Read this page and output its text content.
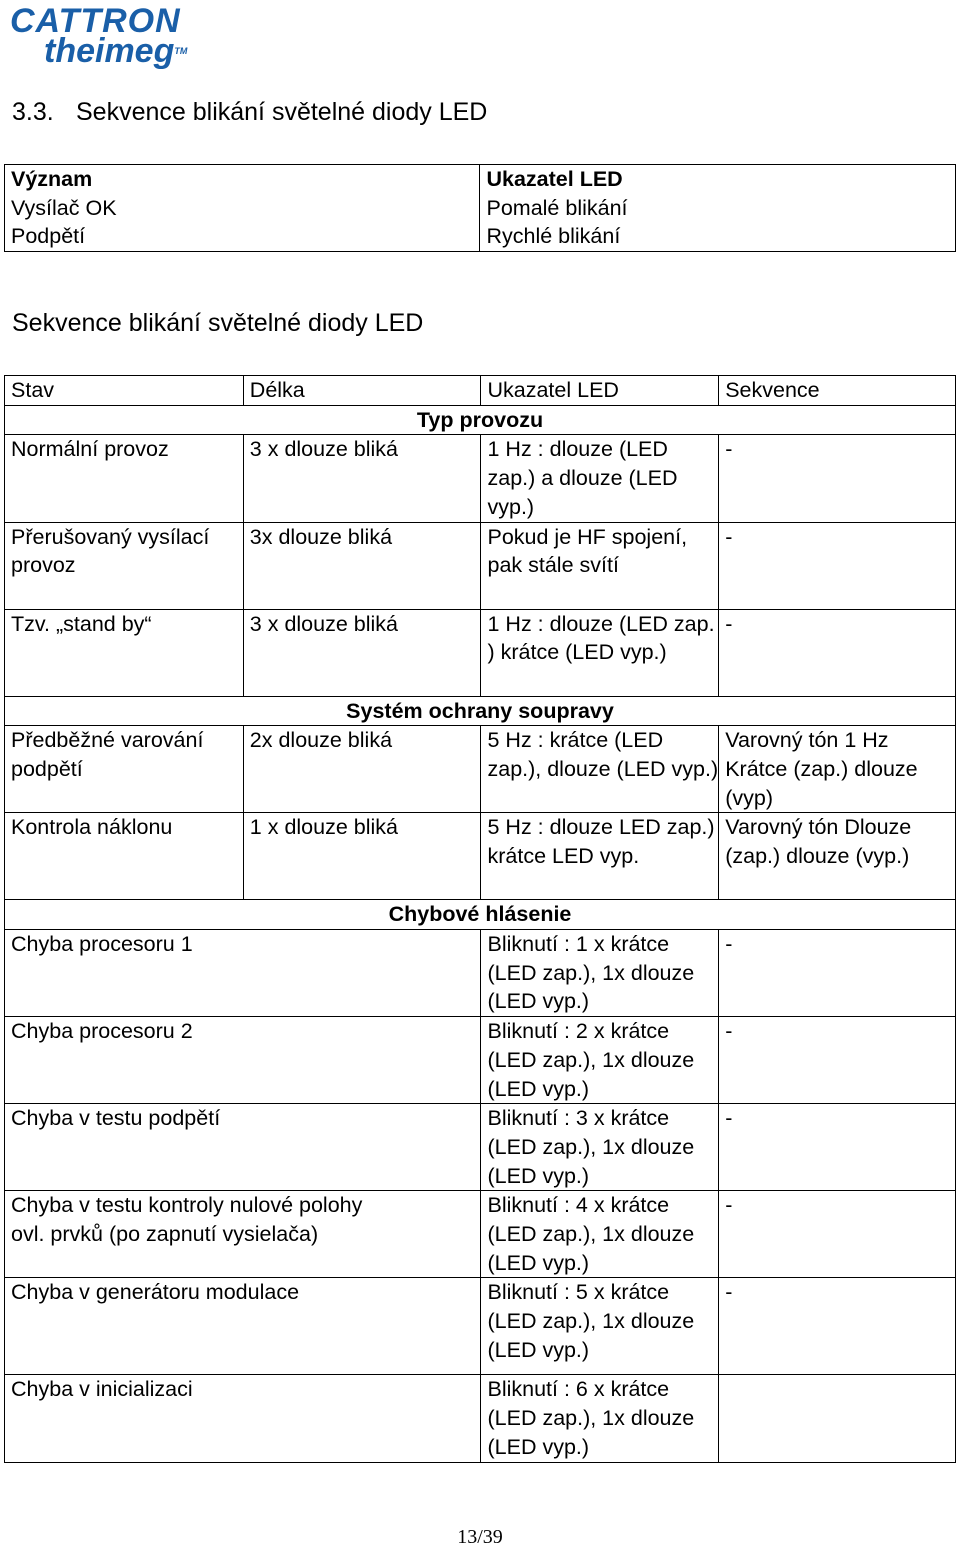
CATTRON
theimeg™
3.3. Sekvence blikání světelné diody LED
Význam	Ukazatel LED
Vysílač OK	Pomalé blikání
Podpětí	Rychlé blikání
Sekvence blikání světelné diody LED
Stav	Délka	Ukazatel LED	Sekvence
Typ provozu			
Normální provoz	3 x dlouze bliká	1 Hz : dlouze (LED zap.) a dlouze (LED vyp.)	-
Přerušovaný vysílací provoz	3x dlouze bliká	Pokud je HF spojení, pak stále svítí	-
Tzv. „stand by“	3 x dlouze bliká	1 Hz : dlouze (LED zap. ) krátce (LED vyp.)	-
Systém ochrany soupravy			
Předběžné varování podpětí	2x dlouze bliká	5 Hz : krátce (LED zap.), dlouze (LED vyp.)	Varovný tón 1 Hz Krátce (zap.) dlouze (vyp)
Kontrola náklonu	1 x dlouze bliká	5 Hz : dlouze LED zap.) krátce LED vyp.	Varovný tón Dlouze (zap.) dlouze (vyp.)
Chybové hlásenie			
Chyba procesoru 1		Bliknutí : 1 x krátce (LED zap.), 1x dlouze (LED vyp.)	-
Chyba procesoru 2		Bliknutí : 2 x krátce (LED zap.), 1x dlouze (LED vyp.)	-
Chyba v testu podpětí		Bliknutí : 3 x krátce (LED zap.), 1x dlouze (LED vyp.)	-
Chyba v testu kontroly nulové polohy ovl. prvků (po zapnutí vysielača)		Bliknutí : 4 x krátce (LED zap.), 1x dlouze (LED vyp.)	-
Chyba v generátoru modulace		Bliknutí : 5 x krátce (LED zap.), 1x dlouze (LED vyp.)	-
Chyba v inicializaci		Bliknutí : 6 x krátce (LED zap.), 1x dlouze (LED vyp.)	
13/39
